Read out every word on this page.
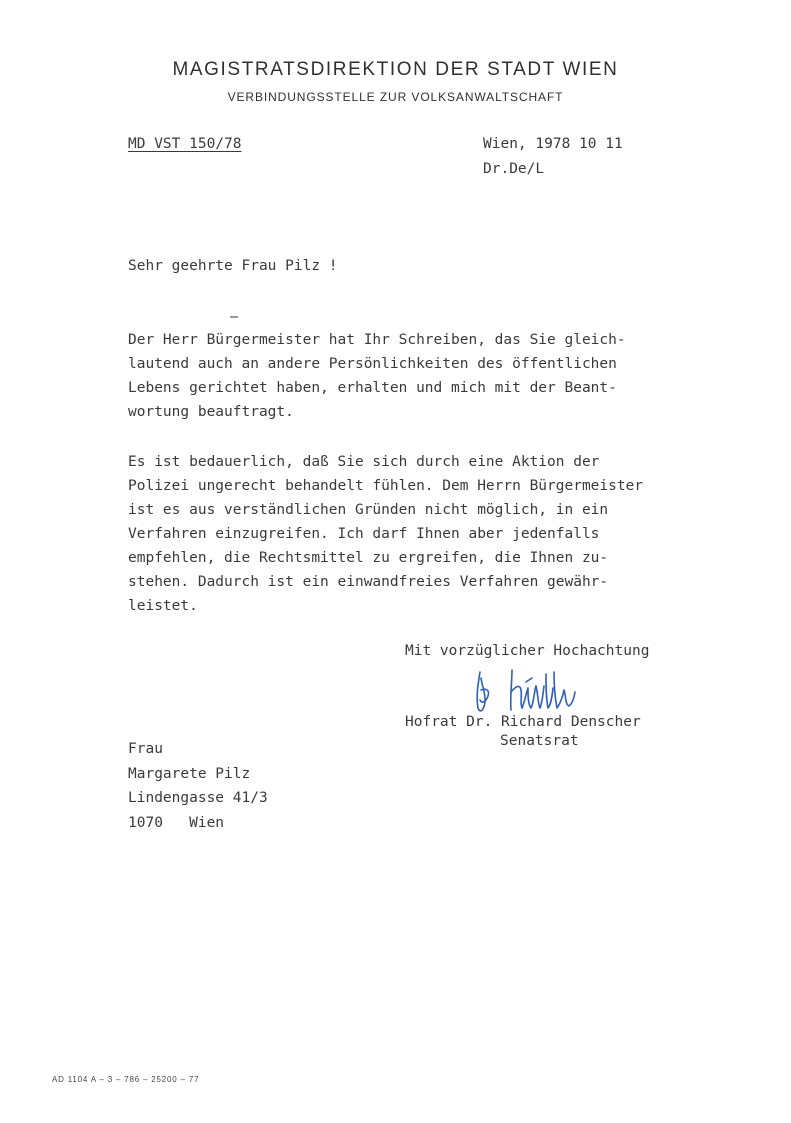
MAGISTRATSDIREKTION DER STADT WIEN
VERBINDUNGSSTELLE ZUR VOLKSANWALTSCHAFT
MD VST 150/78	Wien, 1978 10 11
Dr.De/L
Sehr geehrte Frau Pilz !
Der Herr Bürgermeister hat Ihr Schreiben, das Sie gleich-
lautend auch an andere Persönlichkeiten des öffentlichen
Lebens gerichtet haben, erhalten und mich mit der Beant-
wortung beauftragt.
Es ist bedauerlich, daß Sie sich durch eine Aktion der
Polizei ungerecht behandelt fühlen. Dem Herrn Bürgermeister
ist es aus verständlichen Gründen nicht möglich, in ein
Verfahren einzugreifen. Ich darf Ihnen aber jedenfalls
empfehlen, die Rechtsmittel zu ergreifen, die Ihnen zu-
stehen. Dadurch ist ein einwandfreies Verfahren gewähr-
leistet.
Mit vorzüglicher Hochachtung
Hofrat Dr. Richard Denscher
Senatsrat
Frau
Margarete Pilz
Lindengasse 41/3
1070   Wien
AD 1104 A – 3 – 786 – 25200 – 77
